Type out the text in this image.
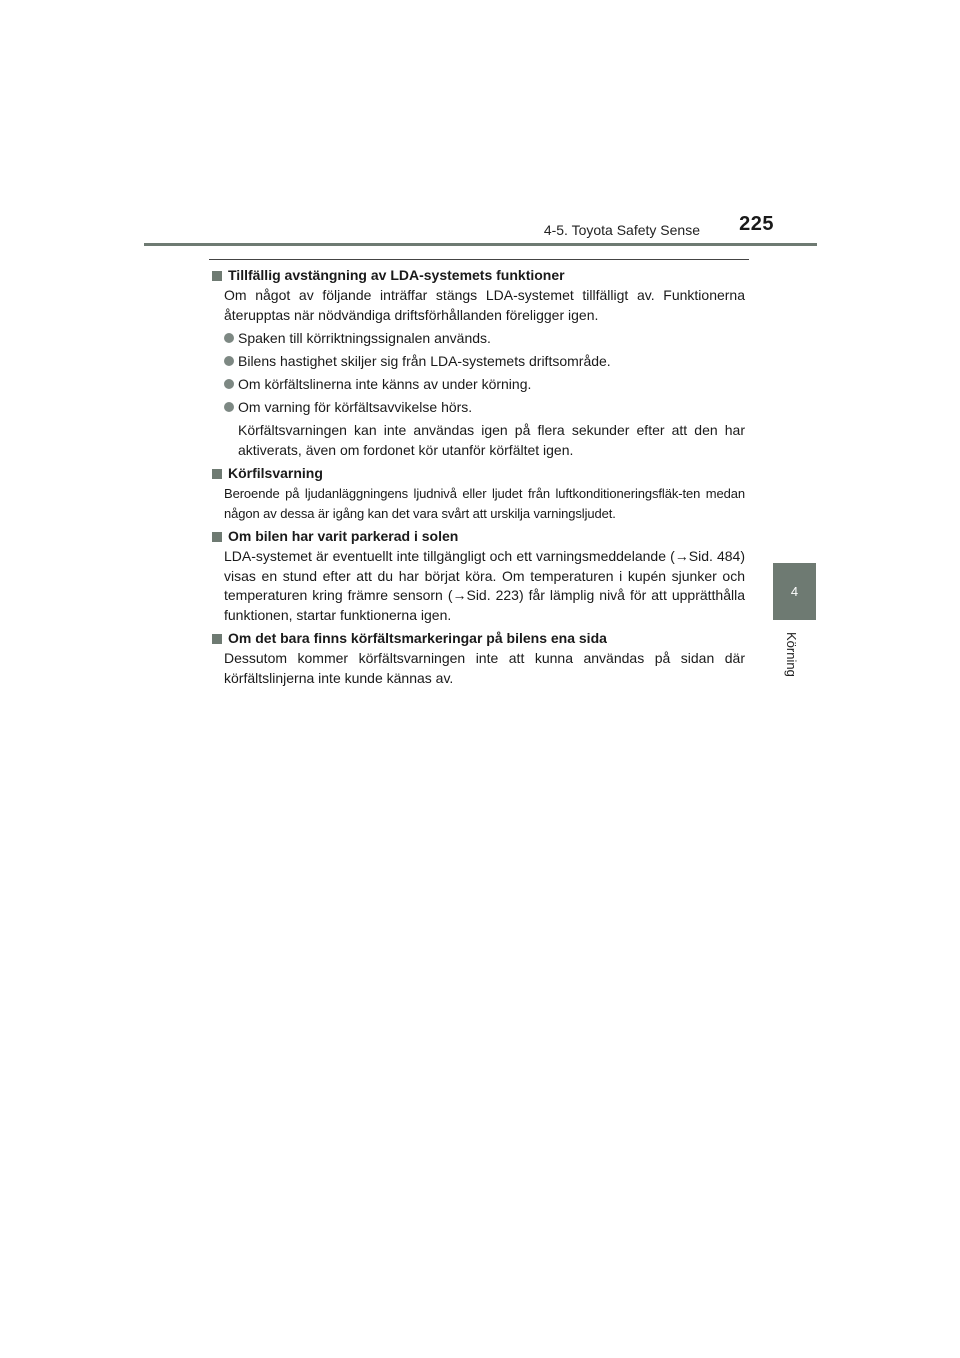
4-5. Toyota Safety Sense 225
4
Körning
Tillfällig avstängning av LDA-systemets funktioner

Om något av följande inträffar stängs LDA-systemet tillfälligt av. Funktionerna återupptas när nödvändiga driftsförhållanden föreligger igen.

Spaken till körriktningssignalen används.
Bilens hastighet skiljer sig från LDA-systemets driftsområde.
Om körfältslinerna inte känns av under körning.
Om varning för körfältsavvikelse hörs.

Körfältsvarningen kan inte användas igen på flera sekunder efter att den har aktiverats, även om fordonet kör utanför körfältet igen.

Körfilsvarning

Beroende på ljudanläggningens ljudnivå eller ljudet från luftkonditioneringsfläk-ten medan någon av dessa är igång kan det vara svårt att urskilja varningsljudet.

Om bilen har varit parkerad i solen

LDA-systemet är eventuellt inte tillgängligt och ett varningsmeddelande (→Sid. 484) visas en stund efter att du har börjat köra. Om temperaturen i kupén sjunker och temperaturen kring främre sensorn (→Sid. 223) får lämplig nivå för att upprätthålla funktionen, startar funktionerna igen.

Om det bara finns körfältsmarkeringar på bilens ena sida

Dessutom kommer körfältsvarningen inte att kunna användas på sidan där körfältslinjerna inte kunde kännas av.
